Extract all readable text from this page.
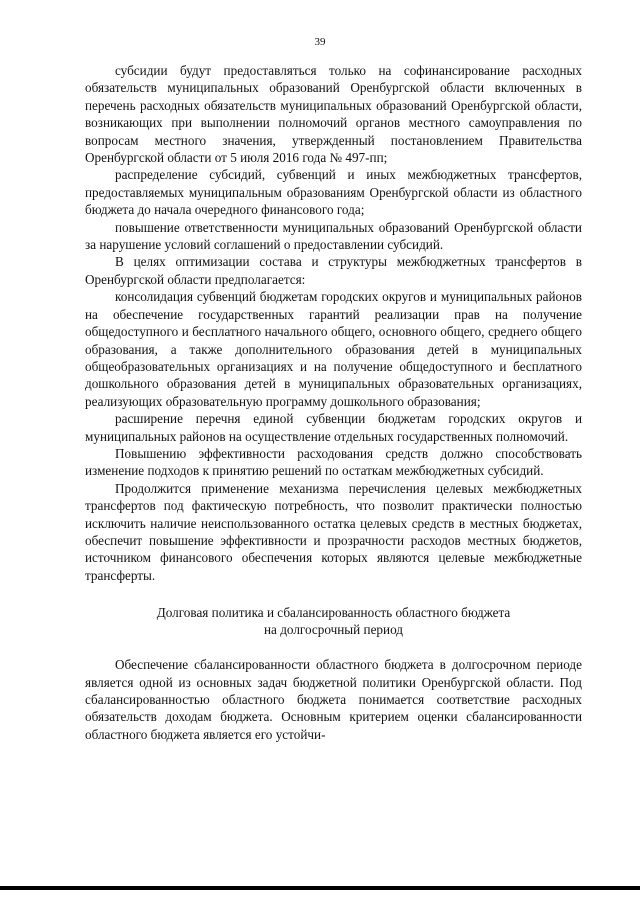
39

субсидии будут предоставляться только на софинансирование расходных обязательств муниципальных образований Оренбургской области включенных в перечень расходных обязательств муниципальных образований Оренбургской области, возникающих при выполнении полномочий органов местного самоуправления по вопросам местного значения, утвержденный постановлением Правительства Оренбургской области от 5 июля 2016 года № 497-пп;

распределение субсидий, субвенций и иных межбюджетных трансфертов, предоставляемых муниципальным образованиям Оренбургской области из областного бюджета до начала очередного финансового года;

повышение ответственности муниципальных образований Оренбургской области за нарушение условий соглашений о предоставлении субсидий.

В целях оптимизации состава и структуры межбюджетных трансфертов в Оренбургской области предполагается:

консолидация субвенций бюджетам городских округов и муниципальных районов на обеспечение государственных гарантий реализации прав на получение общедоступного и бесплатного начального общего, основного общего, среднего общего образования, а также дополнительного образования детей в муниципальных общеобразовательных организациях и на получение общедоступного и бесплатного дошкольного образования детей в муниципальных образовательных организациях, реализующих образовательную программу дошкольного образования;

расширение перечня единой субвенции бюджетам городских округов и муниципальных районов на осуществление отдельных государственных полномочий.

Повышению эффективности расходования средств должно способствовать изменение подходов к принятию решений по остаткам межбюджетных субсидий.

Продолжится применение механизма перечисления целевых межбюджетных трансфертов под фактическую потребность, что позволит практически полностью исключить наличие неиспользованного остатка целевых средств в местных бюджетах, обеспечит повышение эффективности и прозрачности расходов местных бюджетов, источником финансового обеспечения которых являются целевые межбюджетные трансферты.

Долговая политика и сбалансированность областного бюджета
на долгосрочный период

Обеспечение сбалансированности областного бюджета в долгосрочном периоде является одной из основных задач бюджетной политики Оренбургской области. Под сбалансированностью областного бюджета понимается соответствие расходных обязательств доходам бюджета. Основным критерием оценки сбалансированности областного бюджета является его устойчи-
